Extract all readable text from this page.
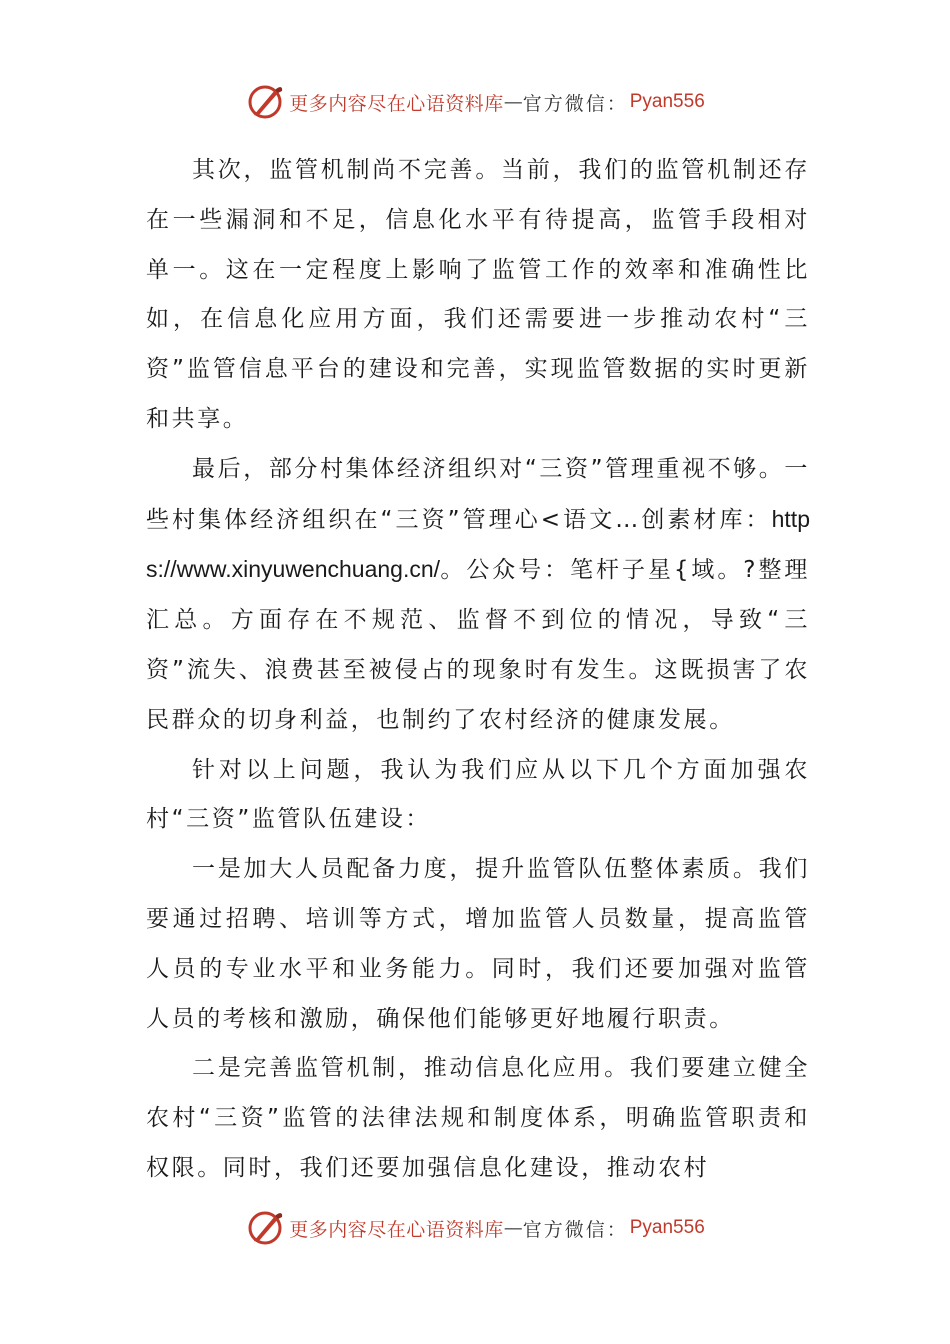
更多内容尽在心语资料库 — 官方微信： Pyan556

其次，监管机制尚不完善。当前，我们的监管机制还存在一些漏洞和不足，信息化水平有待提高，监管手段相对单一。这在一定程度上影响了监管工作的效率和准确性比如，在信息化应用方面，我们还需要进一步推动农村“三资”监管信息平台的建设和完善，实现监管数据的实时更新和共享。

最后，部分村集体经济组织对“三资”管理重视不够。一些村集体经济组织在“三资”管理心<语文…创素材库：https://www.xinyuwenchuang.cn/。公众号：笔杆子星{域。?整理汇总。方面存在不规范、监督不到位的情况，导致“三资”流失、浪费甚至被侵占的现象时有发生。这既损害了农民群众的切身利益，也制约了农村经济的健康发展。

针对以上问题，我认为我们应从以下几个方面加强农村“三资”监管队伍建设：

一是加大人员配备力度，提升监管队伍整体素质。我们要通过招聘、培训等方式，增加监管人员数量，提高监管人员的专业水平和业务能力。同时，我们还要加强对监管人员的考核和激励，确保他们能够更好地履行职责。

二是完善监管机制，推动信息化应用。我们要建立健全农村“三资”监管的法律法规和制度体系，明确监管职责和权限。同时，我们还要加强信息化建设，推动农村

更多内容尽在心语资料库 — 官方微信： Pyan556
